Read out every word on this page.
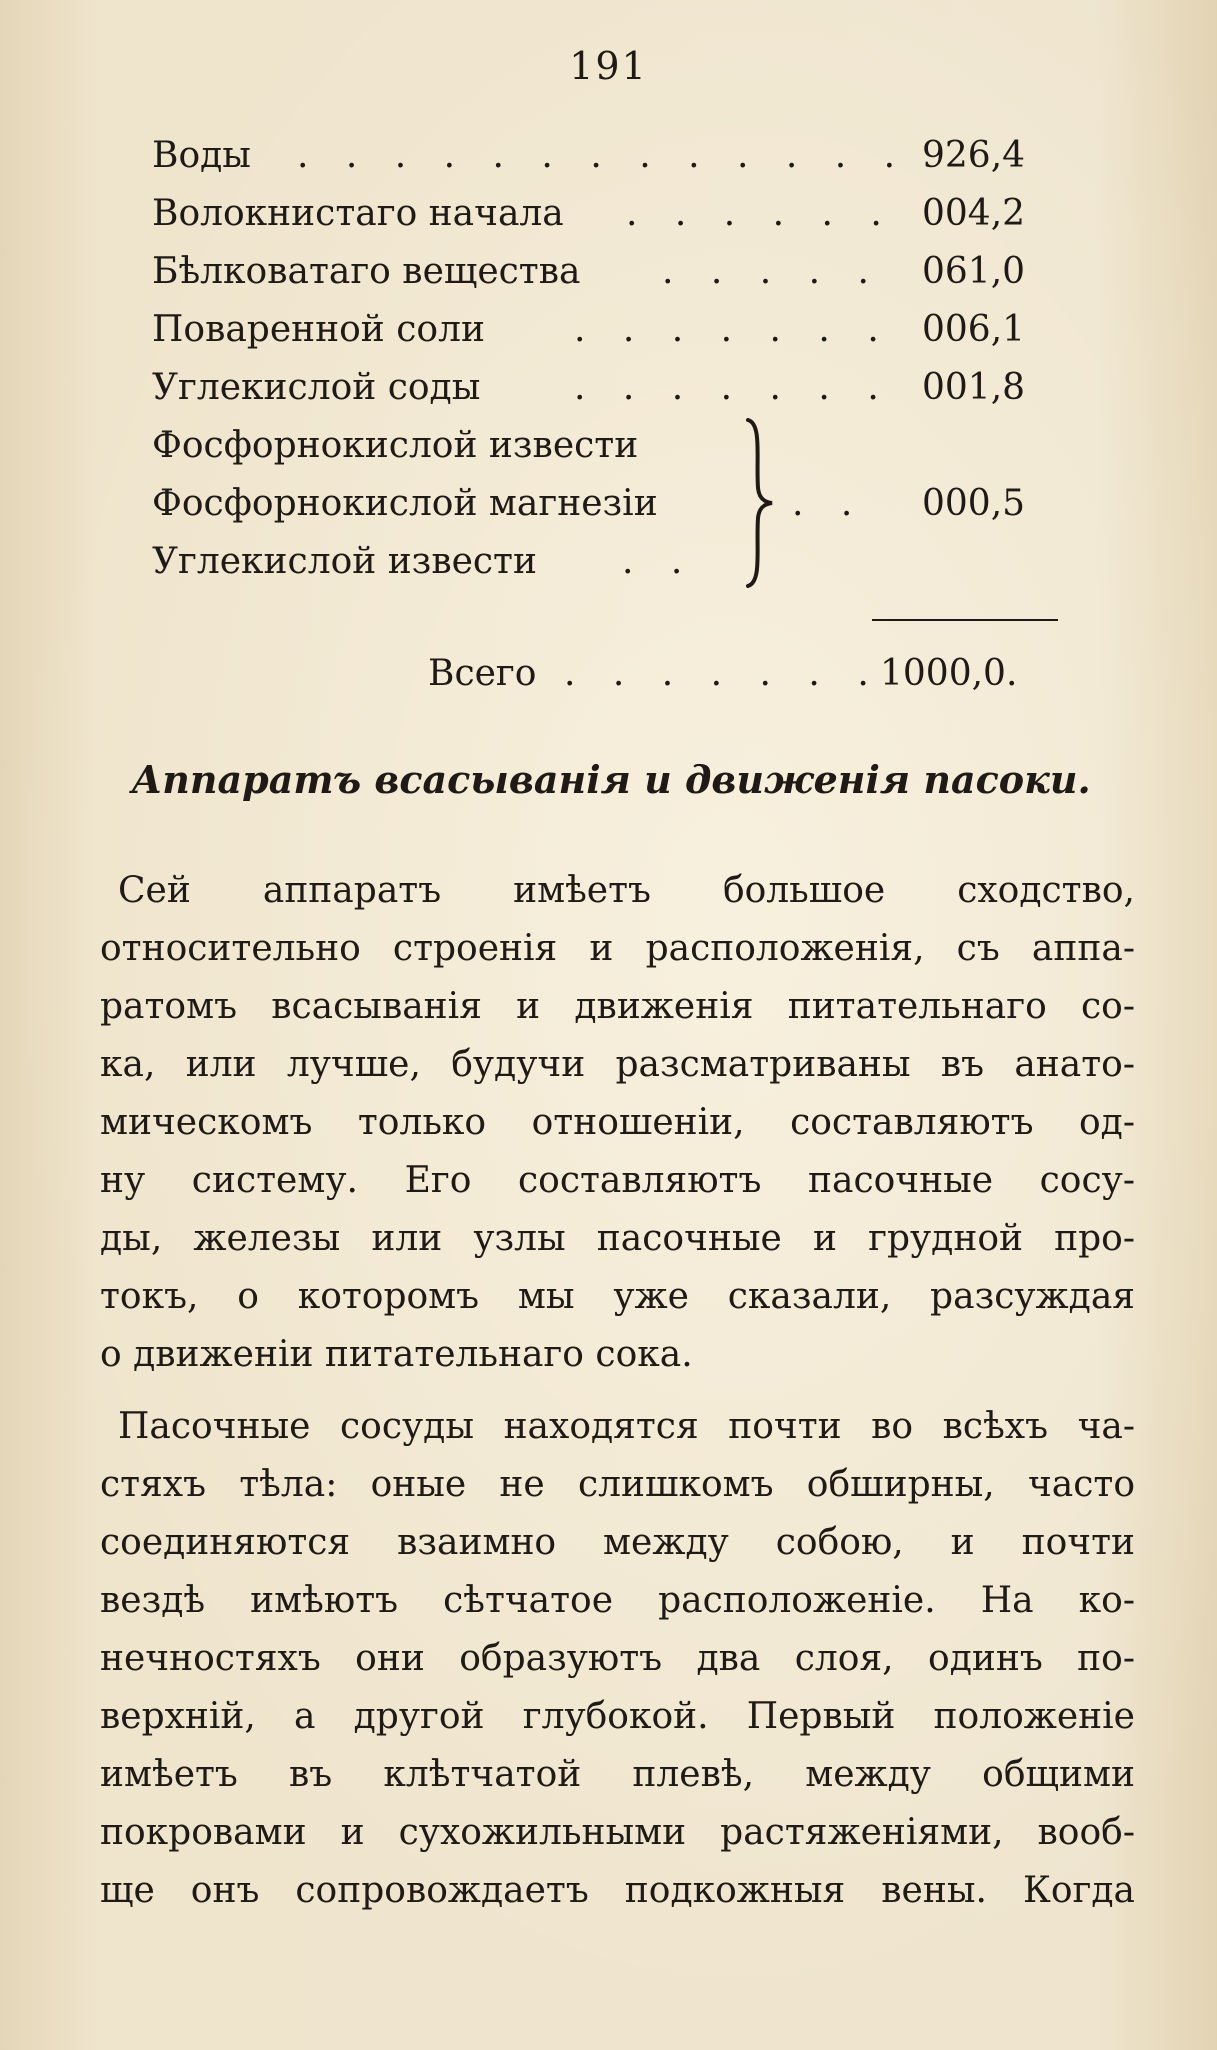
191
Воды . . . . . . . . . . . . . 926,4
Волокнистаго начала . . . . . . 004,2
Бѣлковатаго вещества . . . . . 061,0
Поваренной соли . . . . . . . 006,1
Углекислой соды	. . . . . . . 001,8
Фосфорнокислой извести
Фосфорнокислой магнезіи	. . 000,5
Углекислой извести . .
Всего . . . . . . .
1000,0.
Аппаратъ всасыванія и движенія пасоки.
Сей аппаратъ имѣетъ большое сходство,
относительно строенія и расположенія, съ аппа-
ратомъ всасыванія и движенія питательнаго со-
ка, или лучше, будучи разсматриваны въ анато-
мическомъ только отношеніи, составляютъ од-
ну систему. Его составляютъ пасочные сосу-
ды, железы или узлы пасочные и грудной про-
токъ, о которомъ мы уже сказали, разсуждая
о движеніи питательнаго сока.
Пасочные сосуды находятся почти во всѣхъ ча-
стяхъ тѣла: оные не слишкомъ обширны, часто
соединяются взаимно между собою, и почти
вездѣ имѣютъ сѣтчатое расположеніе. На ко-
нечностяхъ они образуютъ два слоя, одинъ по-
верхній, а другой глубокой. Первый положеніе
имѣетъ въ клѣтчатой плевѣ, между общими
покровами и сухожильными растяженіями, вооб-
ще онъ сопровождаетъ подкожныя вены. Когда
